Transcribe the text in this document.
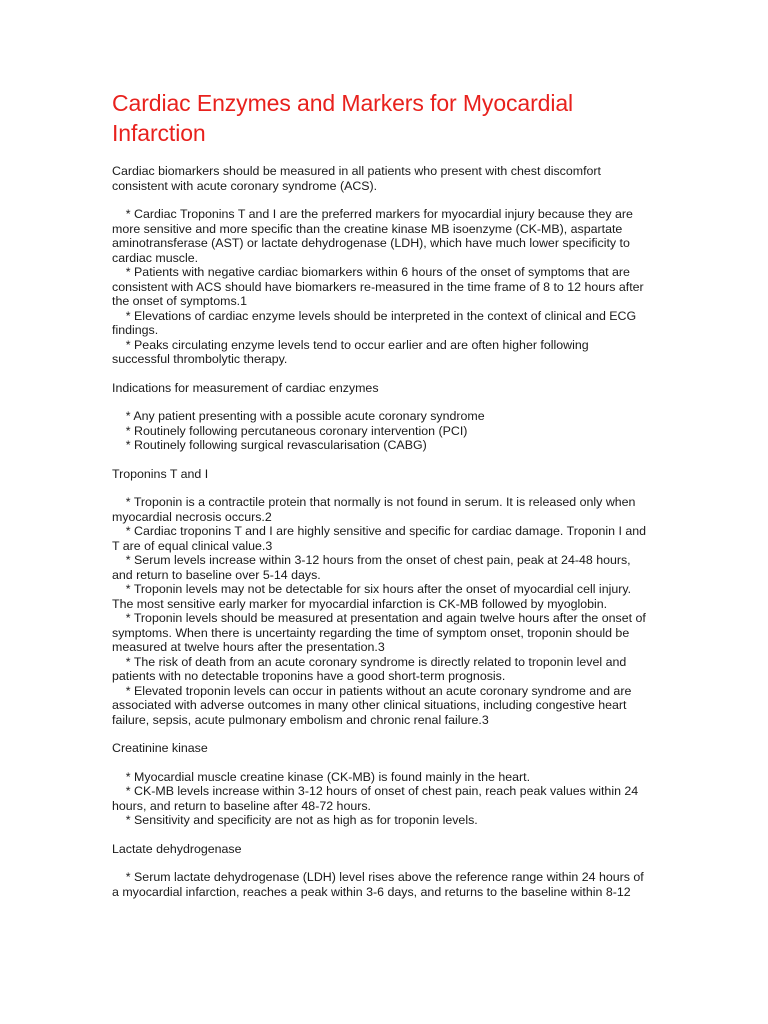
Cardiac Enzymes and Markers for Myocardial Infarction

Cardiac biomarkers should be measured in all patients who present with chest discomfort
consistent with acute coronary syndrome (ACS).

* Cardiac Troponins T and I are the preferred markers for myocardial injury because they are
more sensitive and more specific than the creatine kinase MB isoenzyme (CK-MB), aspartate
aminotransferase (AST) or lactate dehydrogenase (LDH), which have much lower specificity to
cardiac muscle.

* Patients with negative cardiac biomarkers within 6 hours of the onset of symptoms that are
consistent with ACS should have biomarkers re-measured in the time frame of 8 to 12 hours after
the onset of symptoms.1

* Elevations of cardiac enzyme levels should be interpreted in the context of clinical and ECG
findings.

* Peaks circulating enzyme levels tend to occur earlier and are often higher following
successful thrombolytic therapy.

Indications for measurement of cardiac enzymes

* Any patient presenting with a possible acute coronary syndrome

* Routinely following percutaneous coronary intervention (PCI)

* Routinely following surgical revascularisation (CABG)

Troponins T and I

* Troponin is a contractile protein that normally is not found in serum. It is released only when
myocardial necrosis occurs.2

* Cardiac troponins T and I are highly sensitive and specific for cardiac damage. Troponin I and
T are of equal clinical value.3

* Serum levels increase within 3-12 hours from the onset of chest pain, peak at 24-48 hours,
and return to baseline over 5-14 days.

* Troponin levels may not be detectable for six hours after the onset of myocardial cell injury.
The most sensitive early marker for myocardial infarction is CK-MB followed by myoglobin.

* Troponin levels should be measured at presentation and again twelve hours after the onset of
symptoms. When there is uncertainty regarding the time of symptom onset, troponin should be
measured at twelve hours after the presentation.3

* The risk of death from an acute coronary syndrome is directly related to troponin level and
patients with no detectable troponins have a good short-term prognosis.

* Elevated troponin levels can occur in patients without an acute coronary syndrome and are
associated with adverse outcomes in many other clinical situations, including congestive heart
failure, sepsis, acute pulmonary embolism and chronic renal failure.3

Creatinine kinase

* Myocardial muscle creatine kinase (CK-MB) is found mainly in the heart.

* CK-MB levels increase within 3-12 hours of onset of chest pain, reach peak values within 24
hours, and return to baseline after 48-72 hours.

* Sensitivity and specificity are not as high as for troponin levels.

Lactate dehydrogenase

* Serum lactate dehydrogenase (LDH) level rises above the reference range within 24 hours of
a myocardial infarction, reaches a peak within 3-6 days, and returns to the baseline within 8-12
